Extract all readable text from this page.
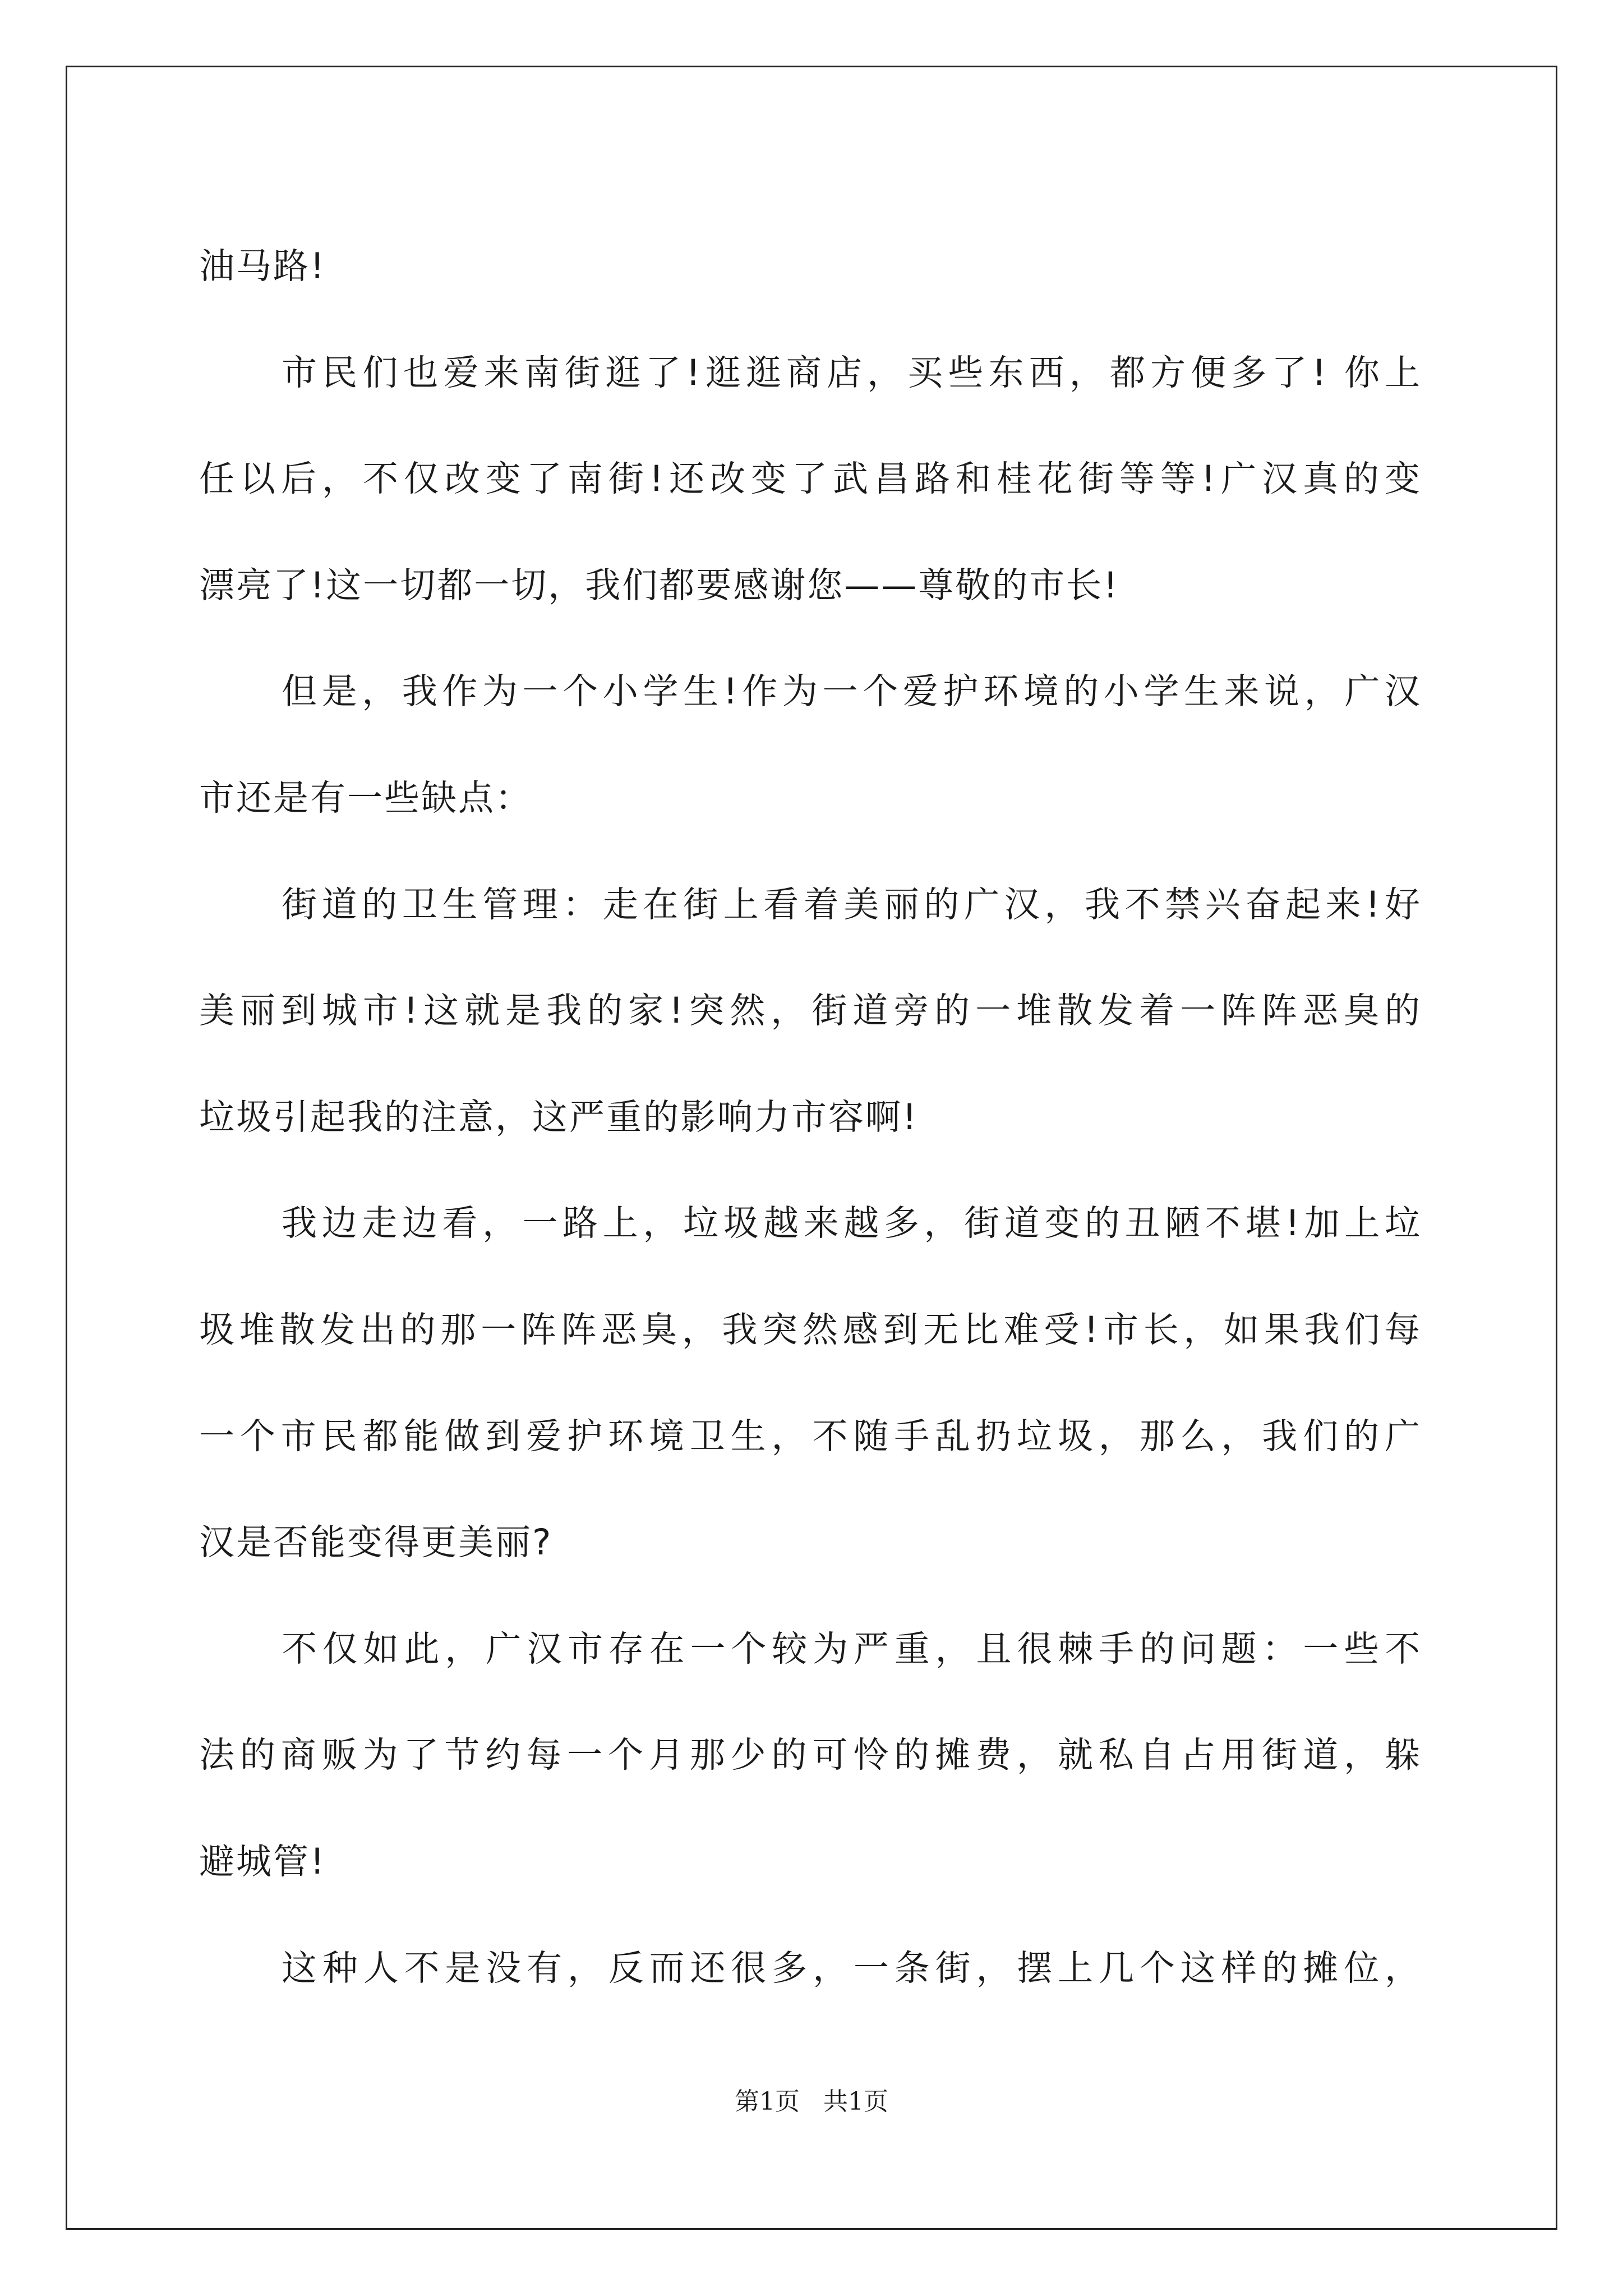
油马路!
市民们也爱来南街逛了!逛逛商店，买些东西，都方便多了! 你上
任以后，不仅改变了南街!还改变了武昌路和桂花街等等!广汉真的变
漂亮了!这一切都一切，我们都要感谢您——尊敬的市长!
但是，我作为一个小学生!作为一个爱护环境的小学生来说，广汉
市还是有一些缺点：
街道的卫生管理：走在街上看着美丽的广汉，我不禁兴奋起来!好
美丽到城市!这就是我的家!突然，街道旁的一堆散发着一阵阵恶臭的
垃圾引起我的注意，这严重的影响力市容啊!
我边走边看，一路上，垃圾越来越多，街道变的丑陋不堪!加上垃
圾堆散发出的那一阵阵恶臭，我突然感到无比难受!市长，如果我们每
一个市民都能做到爱护环境卫生，不随手乱扔垃圾，那么，我们的广
汉是否能变得更美丽?
不仅如此，广汉市存在一个较为严重，且很棘手的问题：一些不
法的商贩为了节约每一个月那少的可怜的摊费，就私自占用街道，躲
避城管!
这种人不是没有，反而还很多，一条街，摆上几个这样的摊位，
第1页 共1页
